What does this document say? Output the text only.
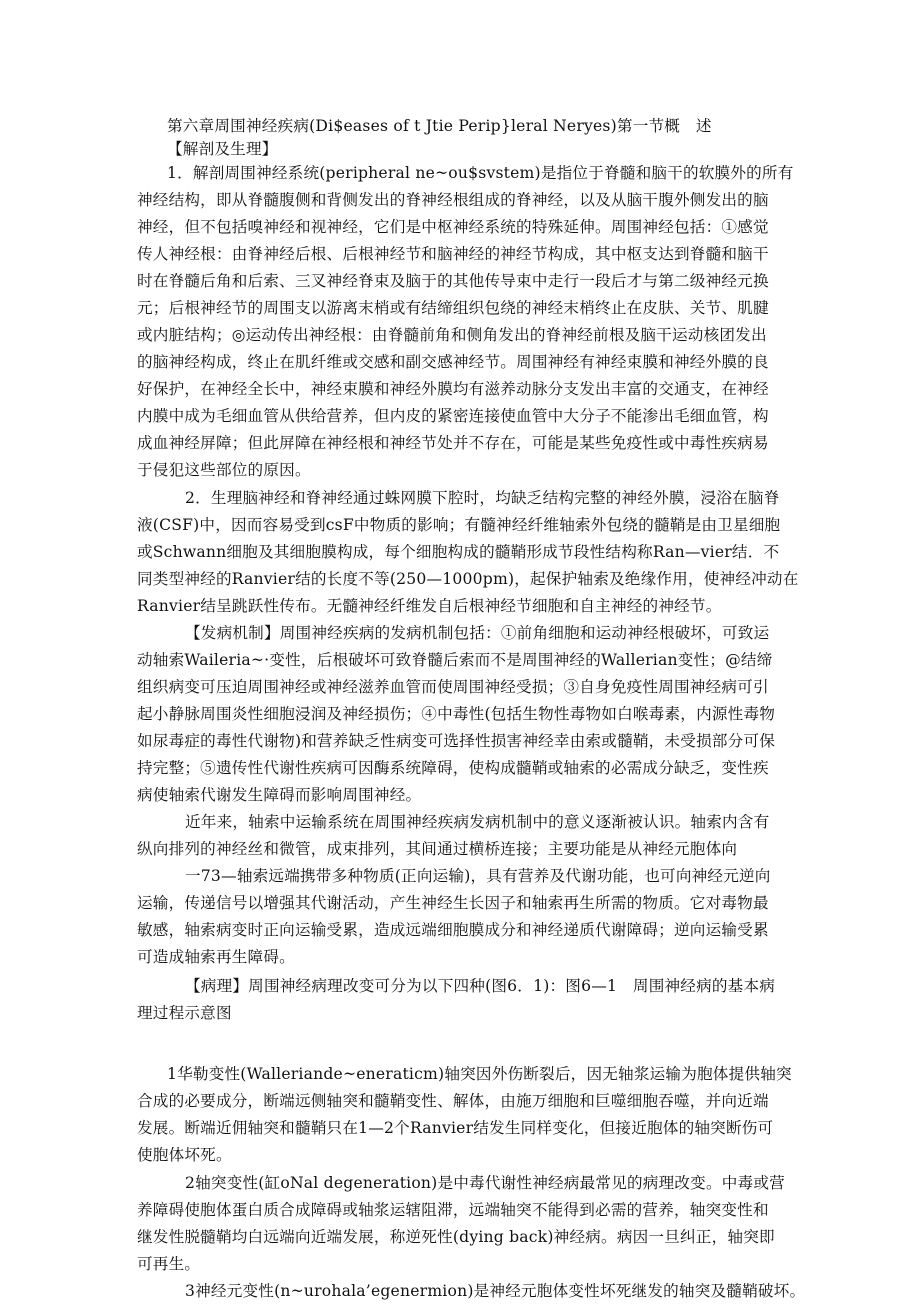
第六章周围神经疾病(Di$eases of t Jtie Perip}leral Neryes)第一节概　述
【解剖及生理】
1．解剖周围神经系统(peripheral ne~ou$svstem)是指位于脊髓和脑干的软膜外的所有
神经结构，即从脊髓腹侧和背侧发出的脊神经根组成的脊神经，以及从脑干腹外侧发出的脑
神经，但不包括嗅神经和视神经，它们是中枢神经系统的特殊延伸。周围神经包括：①感觉
传人神经根：由脊神经后根、后根神经节和脑神经的神经节构成，其中枢支达到脊髓和脑干
时在脊髓后角和后索、三叉神经脊束及脑于的其他传导束中走行一段后才与第二级神经元换
元；后根神经节的周围支以游离末梢或有结缔组织包绕的神经末梢终止在皮肤、关节、肌腱
或内脏结构；◎运动传出神经根：由脊髓前角和侧角发出的脊神经前根及脑干运动核团发出
的脑神经构成，终止在肌纤维或交感和副交感神经节。周围神经有神经束膜和神经外膜的良
好保护，在神经全长中，神经束膜和神经外膜均有滋养动脉分支发出丰富的交通支，在神经
内膜中成为毛细血管从供给营养，但内皮的紧密连接使血管中大分子不能渗出毛细血管，构
成血神经屏障；但此屏障在神经根和神经节处并不存在，可能是某些免疫性或中毒性疾病易
于侵犯这些部位的原因。
2．生理脑神经和脊神经通过蛛网膜下腔时，均缺乏结构完整的神经外膜，浸浴在脑脊
液(CSF)中，因而容易受到csF中物质的影响；有髓神经纤维轴索外包绕的髓鞘是由卫星细胞
或Schwann细胞及其细胞膜构成，每个细胞构成的髓鞘形成节段性结构称Ran—vier结．不
同类型神经的Ranvier结的长度不等(250—1000pm)，起保护轴索及绝缘作用，使神经冲动在
Ranvier结呈跳跃性传布。无髓神经纤维发自后根神经节细胞和自主神经的神经节。
【发病机制】周围神经疾病的发病机制包括：①前角细胞和运动神经根破坏，可致运
动轴索Waileria~·变性，后根破坏可致脊髓后索而不是周围神经的Wallerian变性；@结缔
组织病变可压迫周围神经或神经滋养血管而使周围神经受损；③自身免疫性周围神经病可引
起小静脉周围炎性细胞浸润及神经损伤；④中毒性(包括生物性毒物如白喉毒素，内源性毒物
如尿毒症的毒性代谢物)和营养缺乏性病变可选择性损害神经幸由索或髓鞘，未受损部分可保
持完整；⑤遗传性代谢性疾病可因酶系统障碍，使构成髓鞘或轴索的必需成分缺乏，变性疾
病使轴索代谢发生障碍而影响周围神经。
近年来，轴索中运输系统在周围神经疾病发病机制中的意义逐渐被认识。轴索内含有
纵向排列的神经丝和微管，成束排列，其间通过横桥连接；主要功能是从神经元胞体向
一73—轴索远端携带多种物质(正向运输)，具有营养及代谢功能，也可向神经元逆向
运输，传递信号以增强其代谢活动，产生神经生长因子和轴索再生所需的物质。它对毒物最
敏感，轴索病变时正向运输受累，造成远端细胞膜成分和神经递质代谢障碍；逆向运输受累
可造成轴索再生障碍。
【病理】周围神经病理改变可分为以下四种(图6．1)：图6—1　周围神经病的基本病
理过程示意图
1华勒变性(Walleriande~eneraticm)轴突因外伤断裂后，因无轴浆运输为胞体提供轴突
合成的必要成分，断端远侧轴突和髓鞘变性、解体，由施万细胞和巨噬细胞吞噬，并向近端
发展。断端近佣轴突和髓鞘只在1—2个Ranvier结发生同样变化，但接近胞体的轴突断伤可
使胞体坏死。
2轴突变性(缸oNal degeneration)是中毒代谢性神经病最常见的病理改变。中毒或营
养障碍使胞体蛋白质合成障碍或轴浆运辖阻滞，远端轴突不能得到必需的营养，轴突变性和
继发性脱髓鞘均白远端向近端发展，称逆死性(dying back)神经病。病因一旦纠正，轴突即
可再生。
3神经元变性(n~urohala’egenermion)是神经元胞体变性坏死继发的轴突及髓鞘破坏。
